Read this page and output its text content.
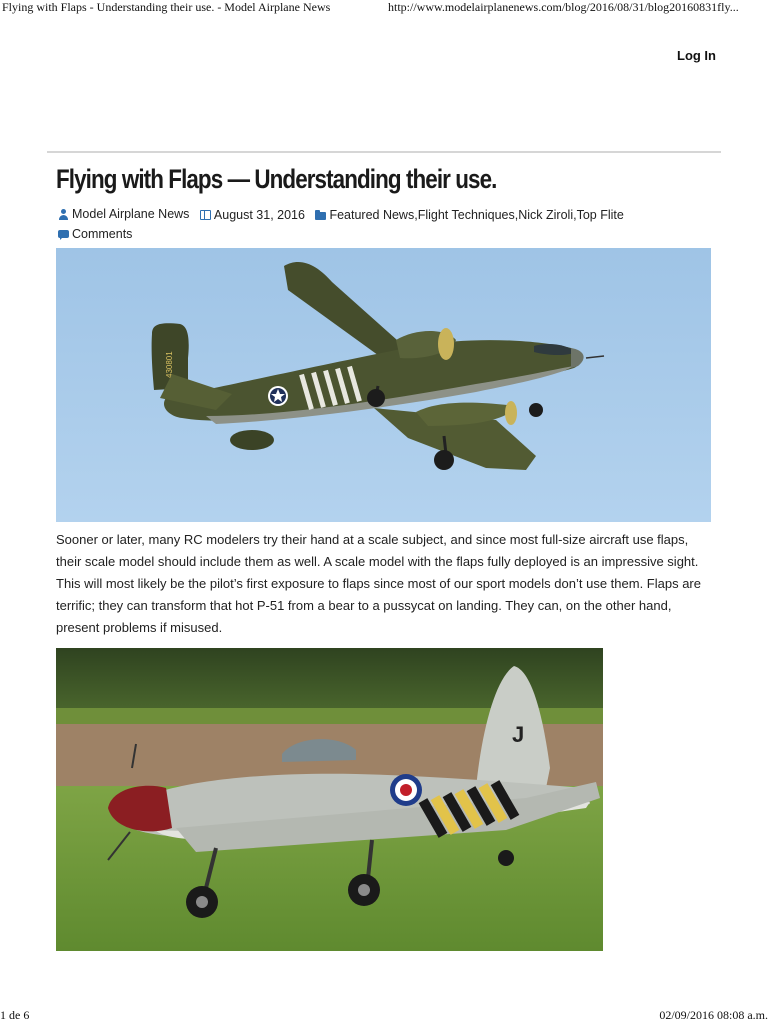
Flying with Flaps - Understanding their use. - Model Airplane News	http://www.modelairplanenews.com/blog/2016/08/31/blog20160831fly...
Log In
Flying with Flaps — Understanding their use.
Model Airplane News
August 31, 2016
Featured News , Flight Techniques , Nick Ziroli , Top Flite

Comments
430801

Sooner or later, many RC modelers try their hand at a scale subject, and since most full-size aircraft use flaps, their scale model should include them as well. A scale model with the flaps fully deployed is an impressive sight. This will most likely be the pilot’s first exposure to flaps since most of our sport models don’t use them. Flaps are terrific; they can transform that hot P-51 from a bear to a pussycat on landing. They can, on the other hand, present problems if misused.

J
1 de 6	02/09/2016 08:08 a.m.
